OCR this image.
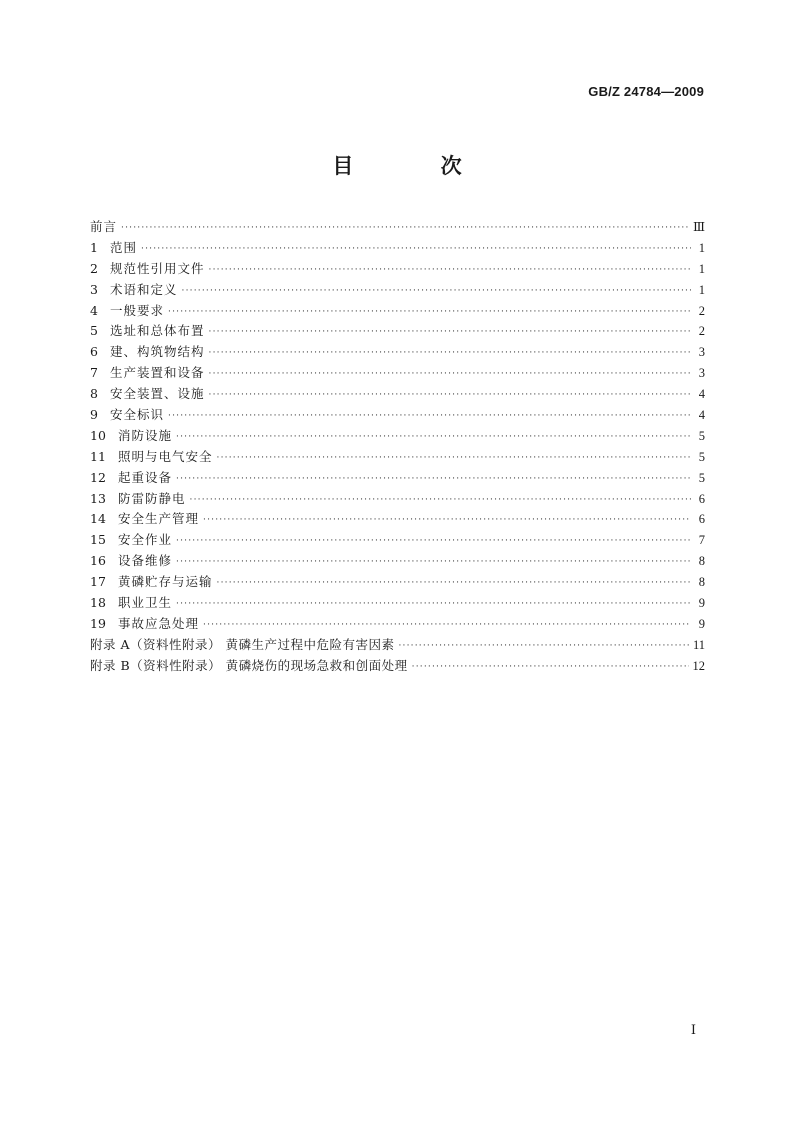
GB/Z 24784—2009
目 次
前言 ·····	Ⅲ
1 范围 ·····	1
2 规范性引用文件 ·····	1
3 术语和定义 ·····	1
4 一般要求 ·····	2
5 选址和总体布置 ·····	2
6 建、构筑物结构 ·····	3
7 生产装置和设备 ·····	3
8 安全装置、设施 ·····	4
9 安全标识 ·····	4
10 消防设施 ·····	5
11 照明与电气安全 ·····	5
12 起重设备 ·····	5
13 防雷防静电 ·····	6
14 安全生产管理 ·····	6
15 安全作业 ·····	7
16 设备维修 ·····	8
17 黄磷贮存与运输 ·····	8
18 职业卫生 ·····	9
19 事故应急处理 ·····	9
附录 A（资料性附录） 黄磷生产过程中危险有害因素 ·····	11
附录 B（资料性附录） 黄磷烧伤的现场急救和创面处理 ·····	12
Ⅰ
